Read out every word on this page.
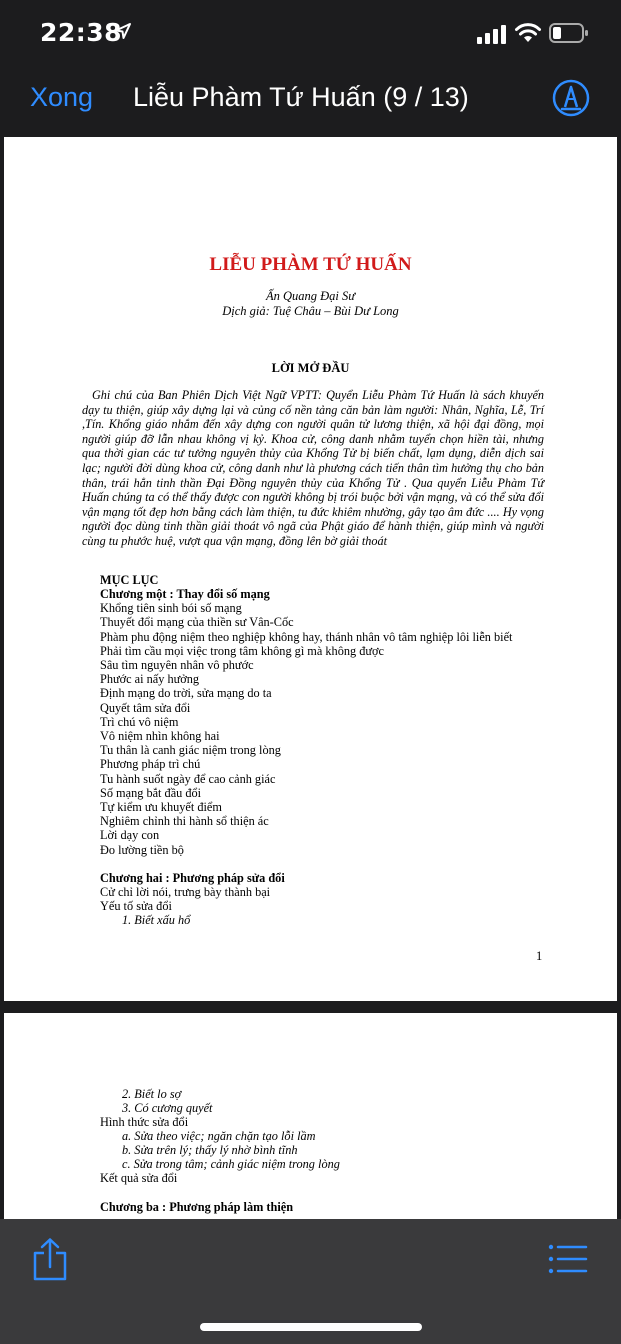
22:38
Xong Liễu Phàm Tứ Huấn (9 / 13)
LIỄU PHÀM TỨ HUẤN
Ấn Quang Đại Sư
Dịch giả: Tuệ Châu – Bùi Dư Long
LỜI MỞ ĐẦU
Ghi chú của Ban Phiên Dịch Việt Ngữ VPTT: Quyển Liễu Phàm Tứ Huấn là sách khuyến dạy tu thiện, giúp xây dựng lại và củng cố nền tảng căn bản làm người: Nhân, Nghĩa, Lễ, Trí ,Tín. Khổng giáo nhắm đến xây dựng con người quân tử lương thiện, xã hội đại đồng, mọi người giúp đỡ lẫn nhau không vị kỷ. Khoa cử, công danh nhằm tuyển chọn hiền tài, nhưng qua thời gian các tư tưởng nguyên thủy của Khổng Tử bị biến chất, lạm dụng, diễn dịch sai lạc; người đời dùng khoa cử, công danh như là phương cách tiến thân tìm hưởng thụ cho bản thân, trái hẳn tinh thần Đại Đồng nguyên thủy của Khổng Tử . Qua quyển Liễu Phàm Tứ Huấn chúng ta có thể thấy được con người không bị trói buộc bởi vận mạng, và có thể sửa đổi vận mạng tốt đẹp hơn bằng cách làm thiện, tu đức khiêm nhường, gây tạo âm đức .... Hy vọng người đọc dùng tinh thần giải thoát vô ngã của Phật giáo để hành thiện, giúp mình và người cùng tu phước huệ, vượt qua vận mạng, đồng lên bờ giải thoát
MỤC LỤC
Chương một : Thay đổi số mạng
Khổng tiên sinh bói số mạng
Thuyết đổi mạng của thiền sư Vân-Cốc
Phàm phu động niệm theo nghiệp không hay, thánh nhân vô tâm nghiệp lôi liễn biết
Phải tìm cầu mọi việc trong tâm không gì mà không được
Sâu tìm nguyên nhân vô phước
Phước ai nấy hưởng
Định mạng do trời, sửa mạng do ta
Quyết tâm sửa đổi
Trì chú vô niệm
Vô niệm nhìn không hai
Tu thân là canh giác niệm trong lòng
Phương pháp trì chú
Tu hành suốt ngày để cao cảnh giác
Số mạng bắt đầu đổi
Tự kiểm ưu khuyết điểm
Nghiêm chỉnh thi hành sổ thiện ác
Lời dạy con
Đo lường tiền bộ
Chương hai : Phương pháp sửa đổi
Cử chỉ lời nói, trưng bày thành bại
Yếu tố sửa đổi
1. Biết xấu hổ
1
2. Biết lo sợ
3. Có cương quyết
Hình thức sửa đổi
a. Sửa theo việc; ngăn chặn tạo lỗi lầm
b. Sửa trên lý; thấy lý nhờ bình tĩnh
c. Sửa trong tâm; cảnh giác niệm trong lòng
Kết quả sửa đổi
Chương ba : Phương pháp làm thiện
